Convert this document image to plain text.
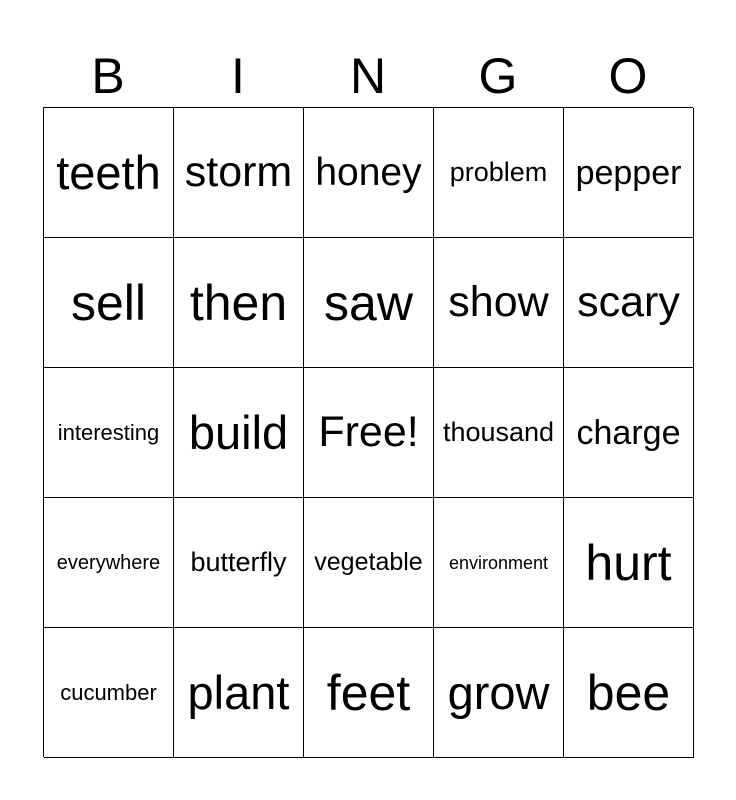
B	I	N	G	O
teeth storm honey	problem pepper
sell then saw show scary
interesting build Free! thousand charge
everywhere	butterfly	vegetable	environment hurt
cucumber plant feet grow bee
